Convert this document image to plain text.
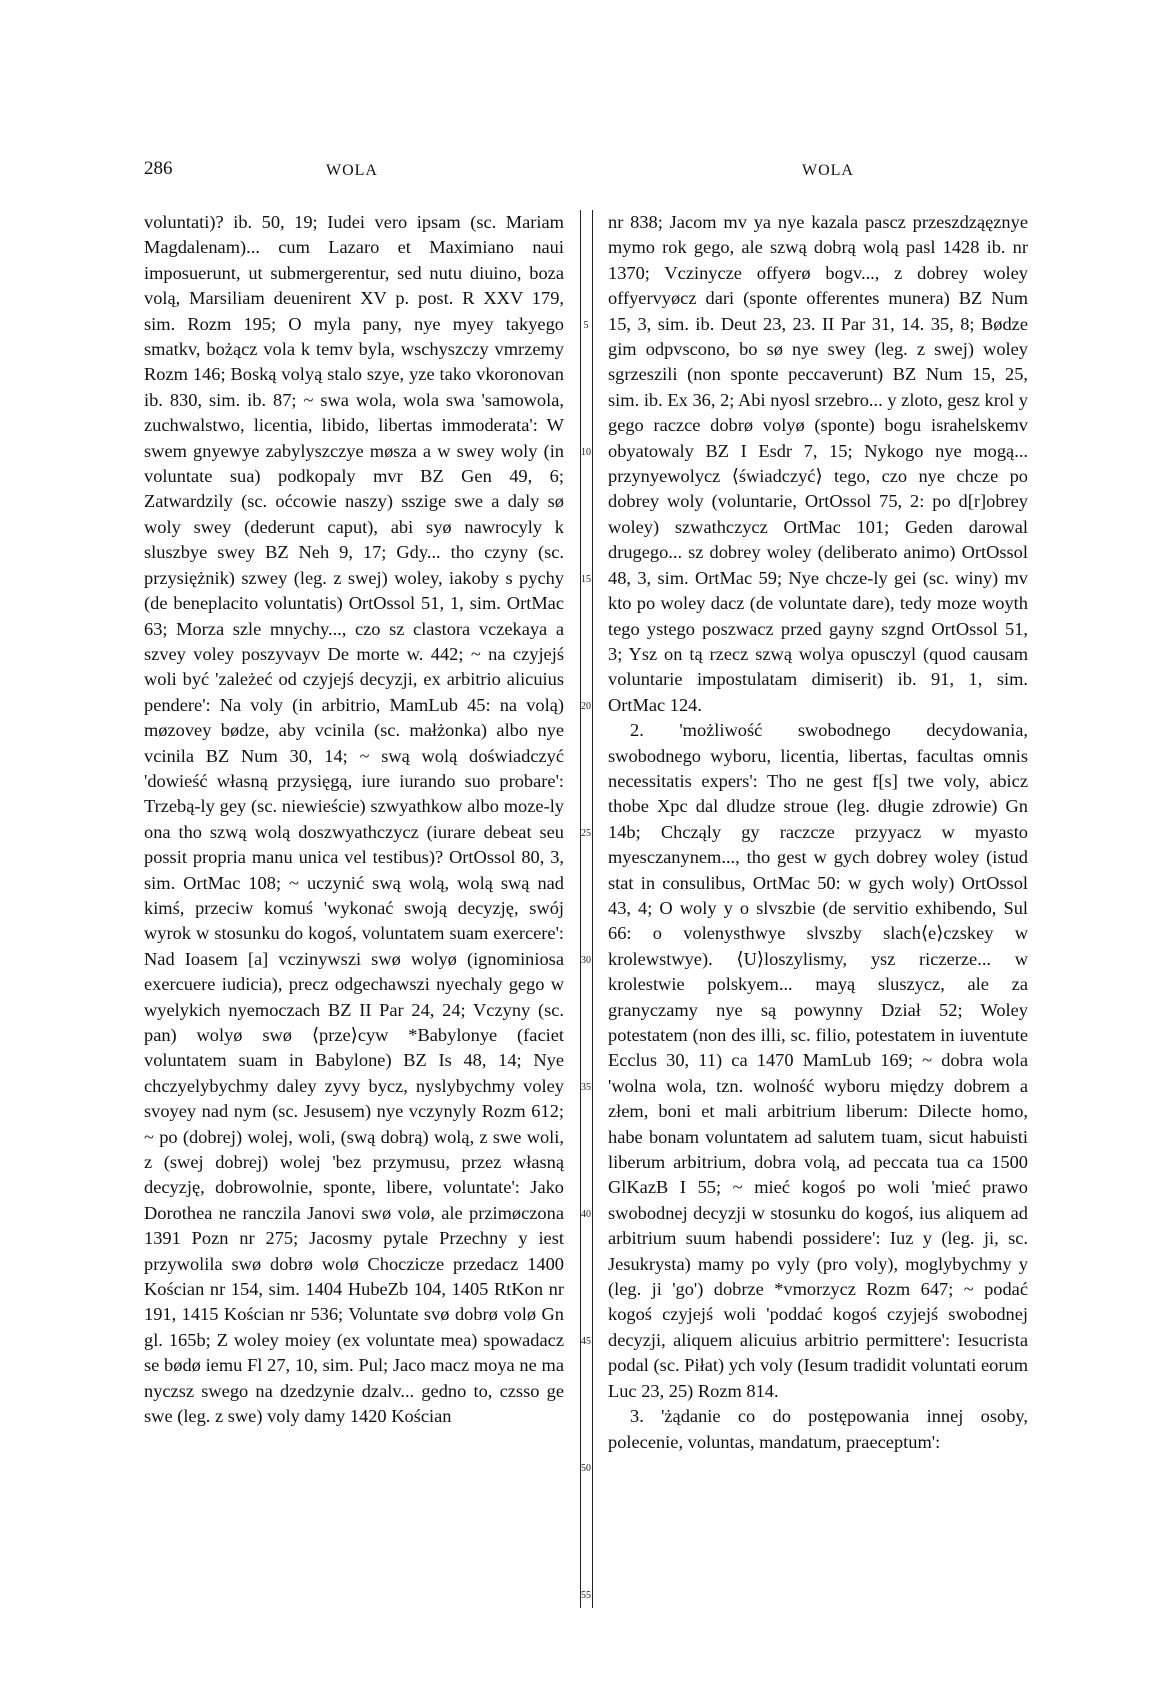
286	WOLA	WOLA

voluntati)? ib. 50, 19; Iudei vero ipsam (sc. Mariam Magdalenam)... cum Lazaro et Maximiano naui imposuerunt, ut submergerentur, sed nutu diuino, boza volą, Marsiliam deuenirent XV p. post. R XXV 179, sim. Rozm 195; O myla pany, nye myey takyego smatkv, bożącz vola k temv byla, wschyszczy vmrzemy Rozm 146; Boską volyą stalo szye, yze tako vkoronovan ib. 830, sim. ib. 87; ~ swa wola, wola swa 'samowola, zuchwalstwo, licentia, libido, libertas immoderata': W swem gnyewye zabylyszczye møsza a w swey woly (in voluntate sua) podkopaly mvr BZ Gen 49, 6; Zatwardzily (sc. oćcowie naszy) sszige swe a daly sø woly swey (dederunt caput), abi syø nawrocyly k sluszbye swey BZ Neh 9, 17; Gdy... tho czyny (sc. przysiężnik) szwey (leg. z swej) woley, iakoby s pychy (de beneplacito voluntatis) OrtOssol 51, 1, sim. OrtMac 63; Morza szle mnychy..., czo sz clastora vczekaya a szvey voley poszyvayv De morte w. 442; ~ na czyjejś woli być 'zależeć od czyjejś decyzji, ex arbitrio alicuius pendere': Na voly (in arbitrio, MamLub 45: na volą) møzovey bødze, aby vcinila (sc. małżonka) albo nye vcinila BZ Num 30, 14; ~ swą wolą doświadczyć 'dowieść własną przysięgą, iure iurando suo probare': Trzebą-ly gey (sc. niewieście) szwyathkow albo moze-ly ona tho szwą wolą doszwyathczycz (iurare debeat seu possit propria manu unica vel testibus)? OrtOssol 80, 3, sim. OrtMac 108; ~ uczynić swą wolą, wolą swą nad kimś, przeciw komuś 'wykonać swoją decyzję, swój wyrok w stosunku do kogoś, voluntatem suam exercere': Nad Ioasem [a] vczinywszi swø wolyø (ignominiosa exercuere iudicia), precz odgechawszi nyechaly gego w wyelykich nyemoczach BZ II Par 24, 24; Vczyny (sc. pan) wolyø swø ⟨prze⟩cyw *Babylonye (faciet voluntatem suam in Babylone) BZ Is 48, 14; Nye chczyelybychmy daley zyvy bycz, nyslybychmy voley svoyey nad nym (sc. Jesusem) nye vczynyly Rozm 612; ~ po (dobrej) wolej, woli, (swą dobrą) wolą, z swe woli, z (swej dobrej) wolej 'bez przymusu, przez własną decyzję, dobrowolnie, sponte, libere, voluntate': Jako Dorothea ne ranczila Janovi swø volø, ale przimøczona 1391 Pozn nr 275; Jacosmy pytale Przechny y iest przywolila swø dobrø wolø Choczicze przedacz 1400 Kościan nr 154, sim. 1404 HubeZb 104, 1405 RtKon nr 191, 1415 Kościan nr 536; Voluntate svø dobrø volø Gn gl. 165b; Z woley moiey (ex voluntate mea) spowadacz se bødø iemu Fl 27, 10, sim. Pul; Jaco macz moya ne ma nyczsz swego na dzedzynie dzalv... gedno to, czsso ge swe (leg. z swe) voly damy 1420 Kościan

5
10
15
20
25
30
35
40
45
50
55

nr 838; Jacom mv ya nye kazala pascz przeszdząęznye mymo rok gego, ale szwą dobrą wolą pasl 1428 ib. nr 1370; Vczinycze offyerø bogv..., z dobrey woley offyervyøcz dari (sponte offerentes munera) BZ Num 15, 3, sim. ib. Deut 23, 23. II Par 31, 14. 35, 8; Bødze gim odpvscono, bo sø nye swey (leg. z swej) woley sgrzeszili (non sponte peccaverunt) BZ Num 15, 25, sim. ib. Ex 36, 2; Abi nyosl srzebro... y zloto, gesz krol y gego raczce dobrø volyø (sponte) bogu israhelskemv obyatowaly BZ I Esdr 7, 15; Nykogo nye mogą... przynyewolycz ⟨świadczyć⟩ tego, czo nye chcze po dobrey woly (voluntarie, OrtOssol 75, 2: po d[r]obrey woley) szwathczycz OrtMac 101; Geden darowal drugego... sz dobrey woley (deliberato animo) OrtOssol 48, 3, sim. OrtMac 59; Nye chcze-ly gei (sc. winy) mv kto po woley dacz (de voluntate dare), tedy moze woyth tego ystego poszwacz przed gayny szgnd OrtOssol 51, 3; Ysz on tą rzecz szwą wolya opusczyl (quod causam voluntarie impostulatam dimiserit) ib. 91, 1, sim. OrtMac 124.

2. 'możliwość swobodnego decydowania, swobodnego wyboru, licentia, libertas, facultas omnis necessitatis expers': Tho ne gest f[s] twe voly, abicz thobe Xpc dal dludze stroue (leg. długie zdrowie) Gn 14b; Chcząly gy raczcze przyyacz w myasto myesczanynem..., tho gest w gych dobrey woley (istud stat in consulibus, OrtMac 50: w gych woly) OrtOssol 43, 4; O woly y o slvszbie (de servitio exhibendo, Sul 66: o volenysthwye slvszby slach⟨e⟩czskey w krolewstwye). ⟨U⟩loszylismy, ysz riczerze... w krolestwie polskyem... mayą sluszycz, ale za granyczamy nye są powynny Dział 52; Woley potestatem (non des illi, sc. filio, potestatem in iuventute Ecclus 30, 11) ca 1470 MamLub 169; ~ dobra wola 'wolna wola, tzn. wolność wyboru między dobrem a złem, boni et mali arbitrium liberum: Dilecte homo, habe bonam voluntatem ad salutem tuam, sicut habuisti liberum arbitrium, dobra volą, ad peccata tua ca 1500 GlKazB I 55; ~ mieć kogoś po woli 'mieć prawo swobodnej decyzji w stosunku do kogoś, ius aliquem ad arbitrium suum habendi possidere': Iuz y (leg. ji, sc. Jesukrysta) mamy po vyly (pro voly), moglybychmy y (leg. ji 'go') dobrze *vmorzycz Rozm 647; ~ podać kogoś czyjejś woli 'poddać kogoś czyjejś swobodnej decyzji, aliquem alicuius arbitrio permittere': Iesucrista podal (sc. Piłat) ych voly (Iesum tradidit voluntati eorum Luc 23, 25) Rozm 814.

3. 'żądanie co do postępowania innej osoby, polecenie, voluntas, mandatum, praeceptum':
